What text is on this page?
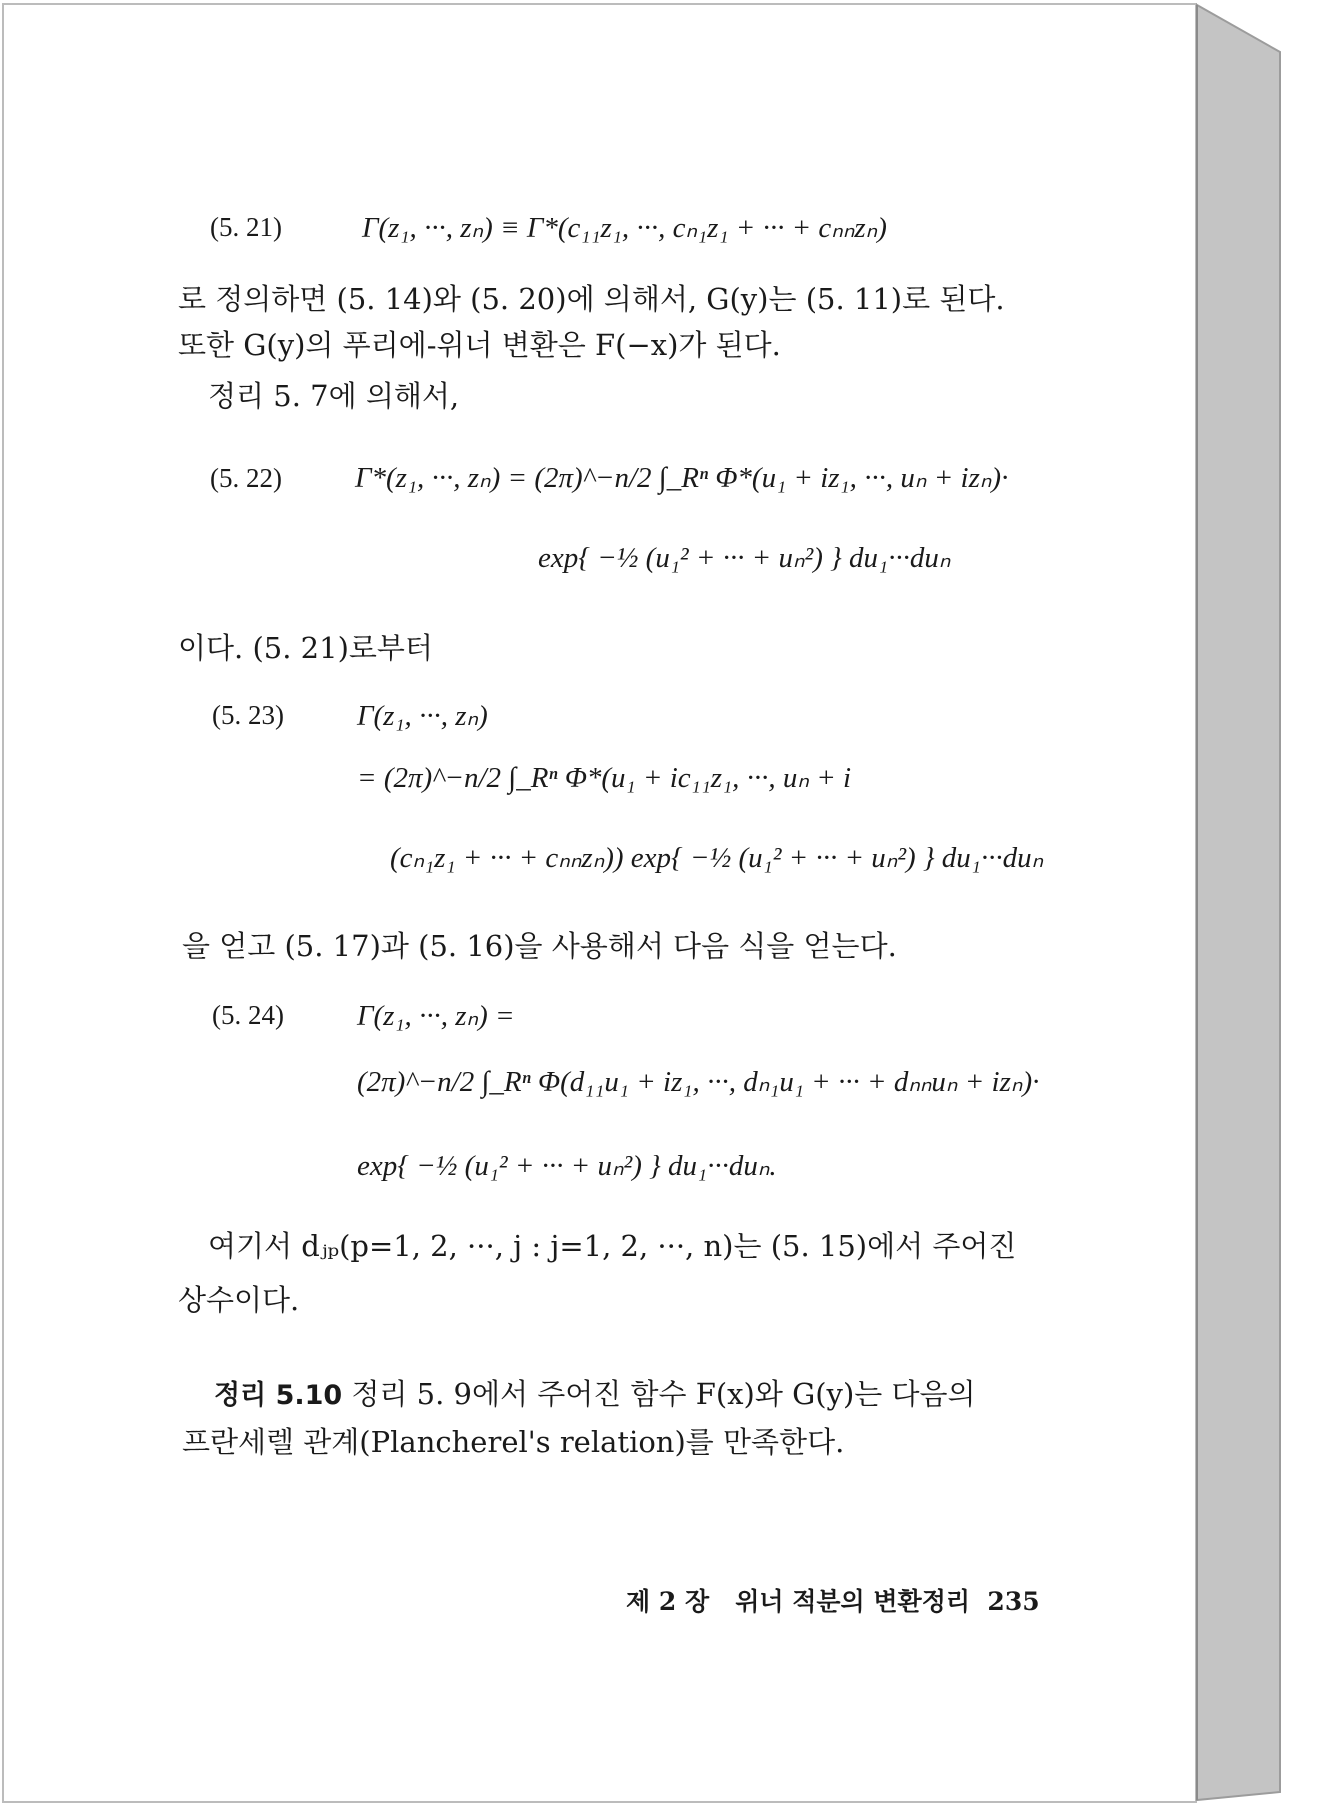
(5. 21)	Γ(z₁, ···, zₙ) ≡ Γ*(c₁₁z₁, ···, cₙ₁z₁ + ··· + cₙₙzₙ)
로 정의하면 (5. 14)와 (5. 20)에 의해서, G(y)는 (5. 11)로 된다.
또한 G(y)의 푸리에-위너 변환은 F(−x)가 된다.
정리 5. 7에 의해서,
(5. 22)	Γ*(z₁, ···, zₙ) = (2π)^−n/2 ∫_Rⁿ Φ*(u₁ + iz₁, ···, uₙ + izₙ)·
exp{ −½ (u₁² + ··· + uₙ²) } du₁···duₙ
이다. (5. 21)로부터
(5. 23)	Γ(z₁, ···, zₙ)
= (2π)^−n/2 ∫_Rⁿ Φ*(u₁ + ic₁₁z₁, ···, uₙ + i
(cₙ₁z₁ + ··· + cₙₙzₙ)) exp{ −½ (u₁² + ··· + uₙ²) } du₁···duₙ
을 얻고 (5. 17)과 (5. 16)을 사용해서 다음 식을 얻는다.
(5. 24)	Γ(z₁, ···, zₙ) =
(2π)^−n/2 ∫_Rⁿ Φ(d₁₁u₁ + iz₁, ···, dₙ₁u₁ + ··· + dₙₙuₙ + izₙ)·
exp{ −½ (u₁² + ··· + uₙ²) } du₁···duₙ.
여기서 dⱼₚ(p=1, 2, ···, j : j=1, 2, ···, n)는 (5. 15)에서 주어진
상수이다.
정리 5.10 정리 5. 9에서 주어진 함수 F(x)와 G(y)는 다음의
프란세렐 관계(Plancherel's relation)를 만족한다.
제 2 장 위너 적분의 변환정리 235
